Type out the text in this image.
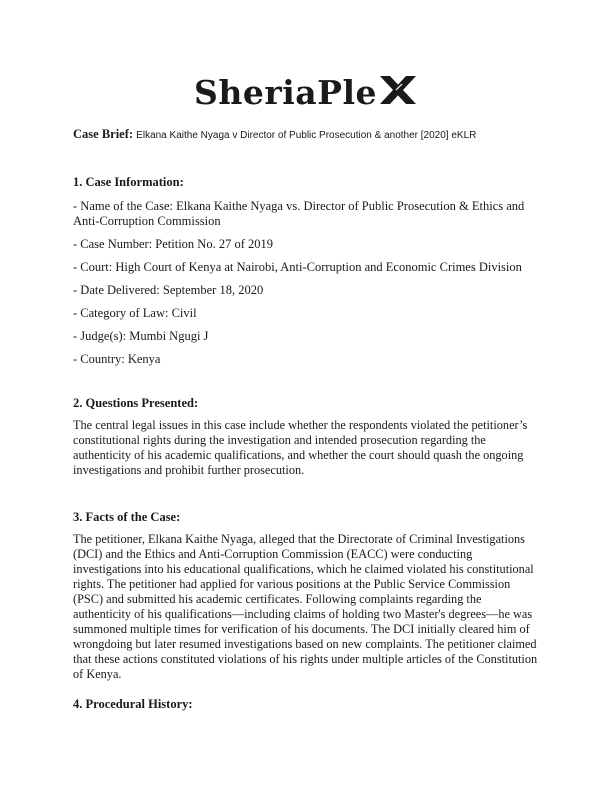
SheriaPle
Case Brief: Elkana Kaithe Nyaga v Director of Public Prosecution & another [2020] eKLR

1. Case Information:

- Name of the Case: Elkana Kaithe Nyaga vs. Director of Public Prosecution & Ethics and Anti-Corruption Commission

- Case Number: Petition No. 27 of 2019

- Court: High Court of Kenya at Nairobi, Anti-Corruption and Economic Crimes Division

- Date Delivered: September 18, 2020

- Category of Law: Civil

- Judge(s): Mumbi Ngugi J

- Country: Kenya

2. Questions Presented:

The central legal issues in this case include whether the respondents violated the petitioner’s constitutional rights during the investigation and intended prosecution regarding the authenticity of his academic qualifications, and whether the court should quash the ongoing investigations and prohibit further prosecution.

3. Facts of the Case:

The petitioner, Elkana Kaithe Nyaga, alleged that the Directorate of Criminal Investigations (DCI) and the Ethics and Anti-Corruption Commission (EACC) were conducting investigations into his educational qualifications, which he claimed violated his constitutional rights. The petitioner had applied for various positions at the Public Service Commission (PSC) and submitted his academic certificates. Following complaints regarding the authenticity of his qualifications—including claims of holding two Master's degrees—he was summoned multiple times for verification of his documents. The DCI initially cleared him of wrongdoing but later resumed investigations based on new complaints. The petitioner claimed that these actions constituted violations of his rights under multiple articles of the Constitution of Kenya.

4. Procedural History:
